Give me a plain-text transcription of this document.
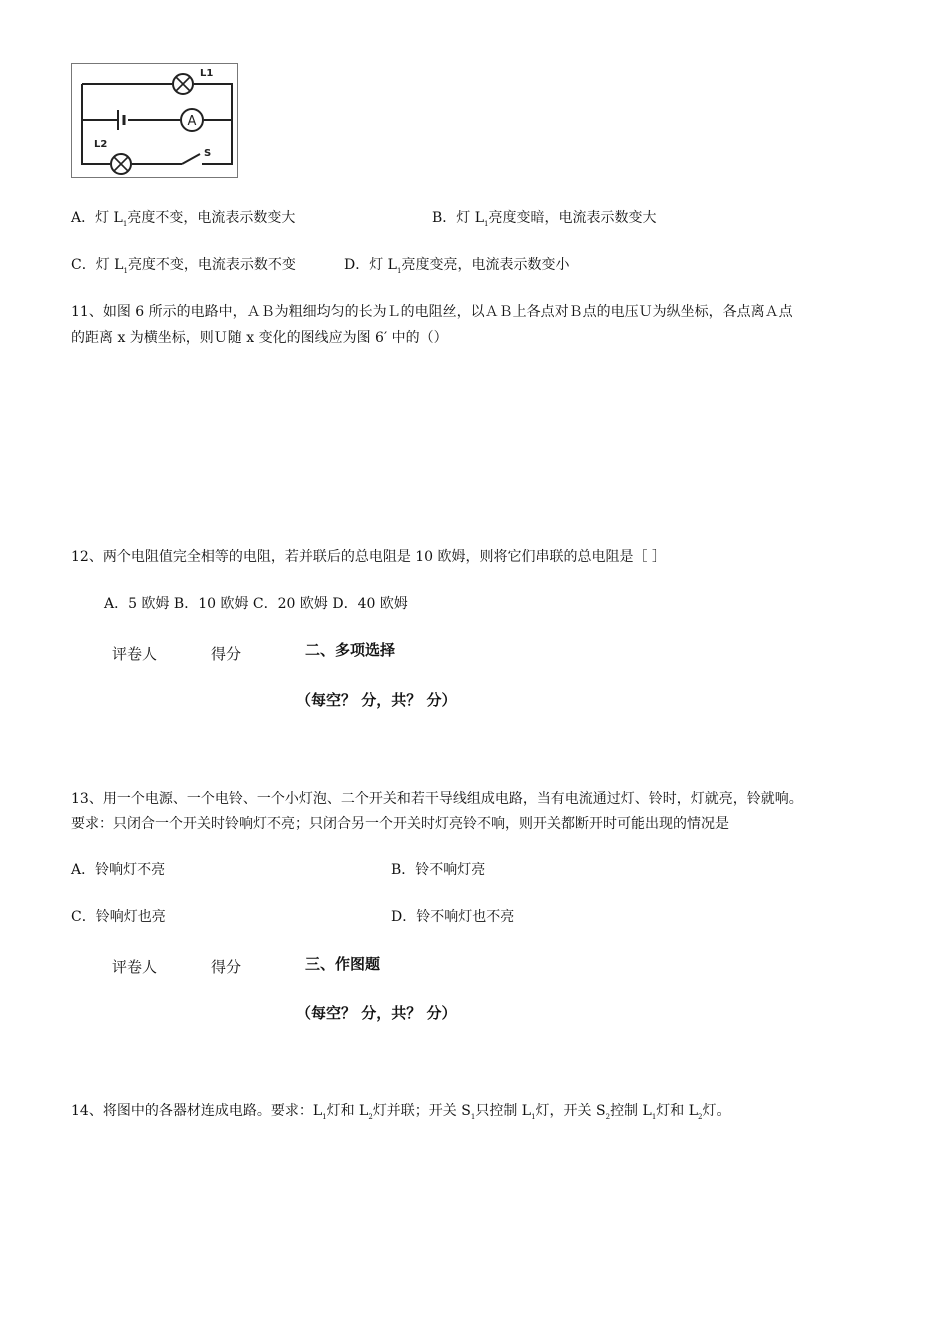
A
L1
L2
S
A．灯 $L_1$亮度不变，电流表示数变大	B．灯 $L_1$亮度变暗，电流表示数变大
C．灯 $L_1$亮度不变，电流表示数不变	D．灯 $L_1$亮度变亮，电流表示数变小
11、如图 6 所示的电路中，ＡＢ为粗细均匀的长为Ｌ的电阻丝，以ＡＢ上各点对Ｂ点的电压Ｕ为纵坐标，各点离Ａ点
的距离 x 为横坐标，则Ｕ随 x 变化的图线应为图 6′ 中的（）
12、两个电阻值完全相等的电阻，若并联后的总电阻是 10 欧姆，则将它们串联的总电阻是［ ］
A．5 欧姆 B．10 欧姆 C．20 欧姆 D．40 欧姆
评卷人	得分	二、多项选择
（每空？ 分，共？ 分）
13、用一个电源、一个电铃、一个小灯泡、二个开关和若干导线组成电路，当有电流通过灯、铃时，灯就亮，铃就响。
要求：只闭合一个开关时铃响灯不亮；只闭合另一个开关时灯亮铃不响，则开关都断开时可能出现的情况是
A．铃响灯不亮	B．铃不响灯亮
C．铃响灯也亮	D．铃不响灯也不亮
评卷人	得分	三、作图题
（每空？ 分，共？ 分）
14、将图中的各器材连成电路。要求：$L_1$灯和 $L_2$灯并联；开关 $S_1$只控制 $L_1$灯，开关 $S_2$控制 $L_1$灯和 $L_2$灯。
